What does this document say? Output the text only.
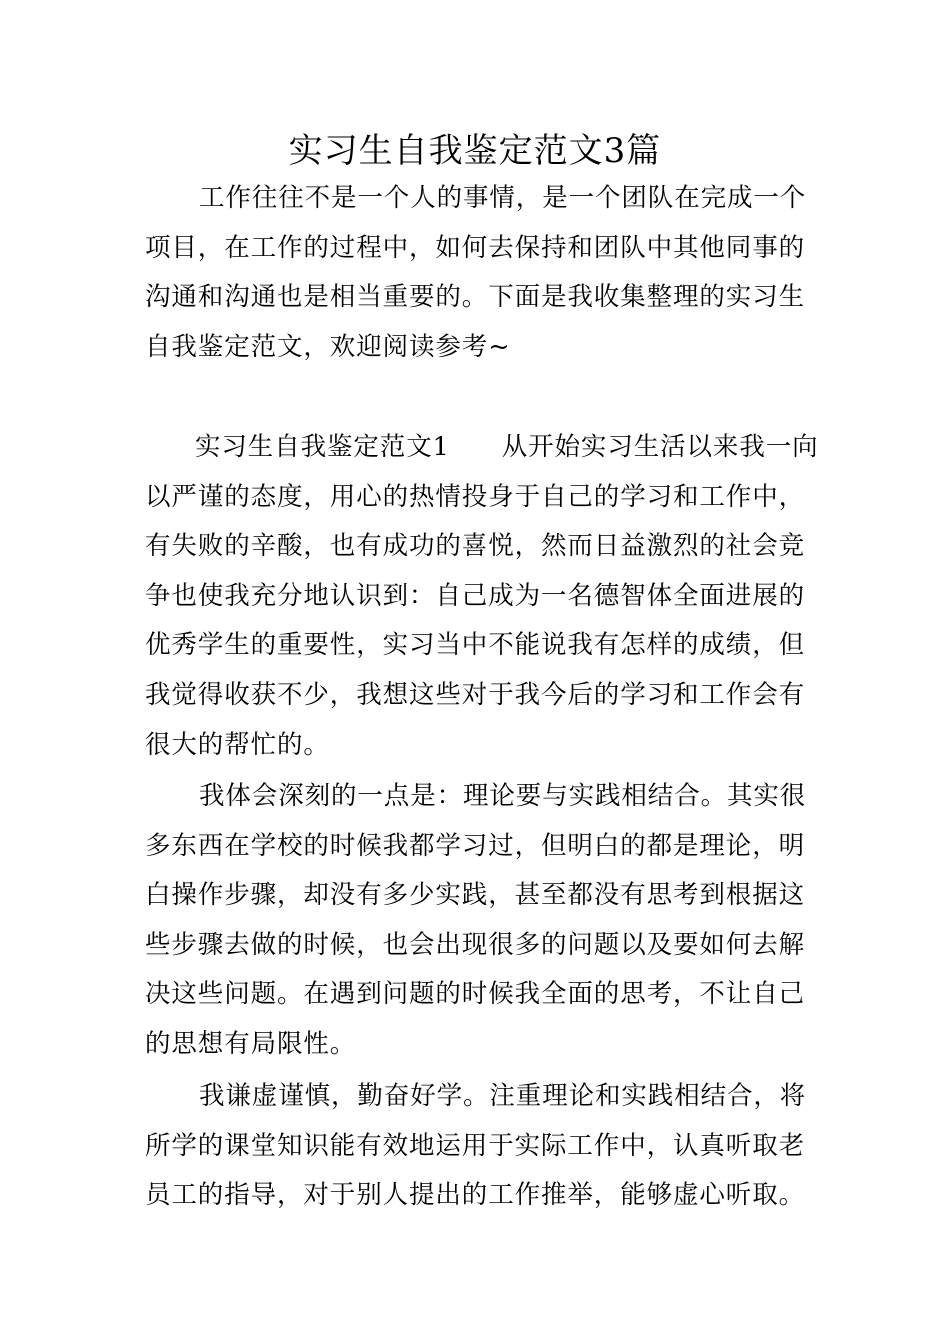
实习生自我鉴定范文3篇
工作往往不是一个人的事情，是一个团队在完成一个
项目，在工作的过程中，如何去保持和团队中其他同事的
沟通和沟通也是相当重要的。下面是我收集整理的实习生
自我鉴定范文，欢迎阅读参考~
实习生自我鉴定范文1 从开始实习生活以来我一向
以严谨的态度，用心的热情投身于自己的学习和工作中，
有失败的辛酸，也有成功的喜悦，然而日益激烈的社会竞
争也使我充分地认识到：自己成为一名德智体全面进展的
优秀学生的重要性，实习当中不能说我有怎样的成绩，但
我觉得收获不少，我想这些对于我今后的学习和工作会有
很大的帮忙的。
我体会深刻的一点是：理论要与实践相结合。其实很
多东西在学校的时候我都学习过，但明白的都是理论，明
白操作步骤，却没有多少实践，甚至都没有思考到根据这
些步骤去做的时候，也会出现很多的问题以及要如何去解
决这些问题。在遇到问题的时候我全面的思考，不让自己
的思想有局限性。
我谦虚谨慎，勤奋好学。注重理论和实践相结合，将
所学的课堂知识能有效地运用于实际工作中，认真听取老
员工的指导，对于别人提出的工作推举，能够虚心听取。
